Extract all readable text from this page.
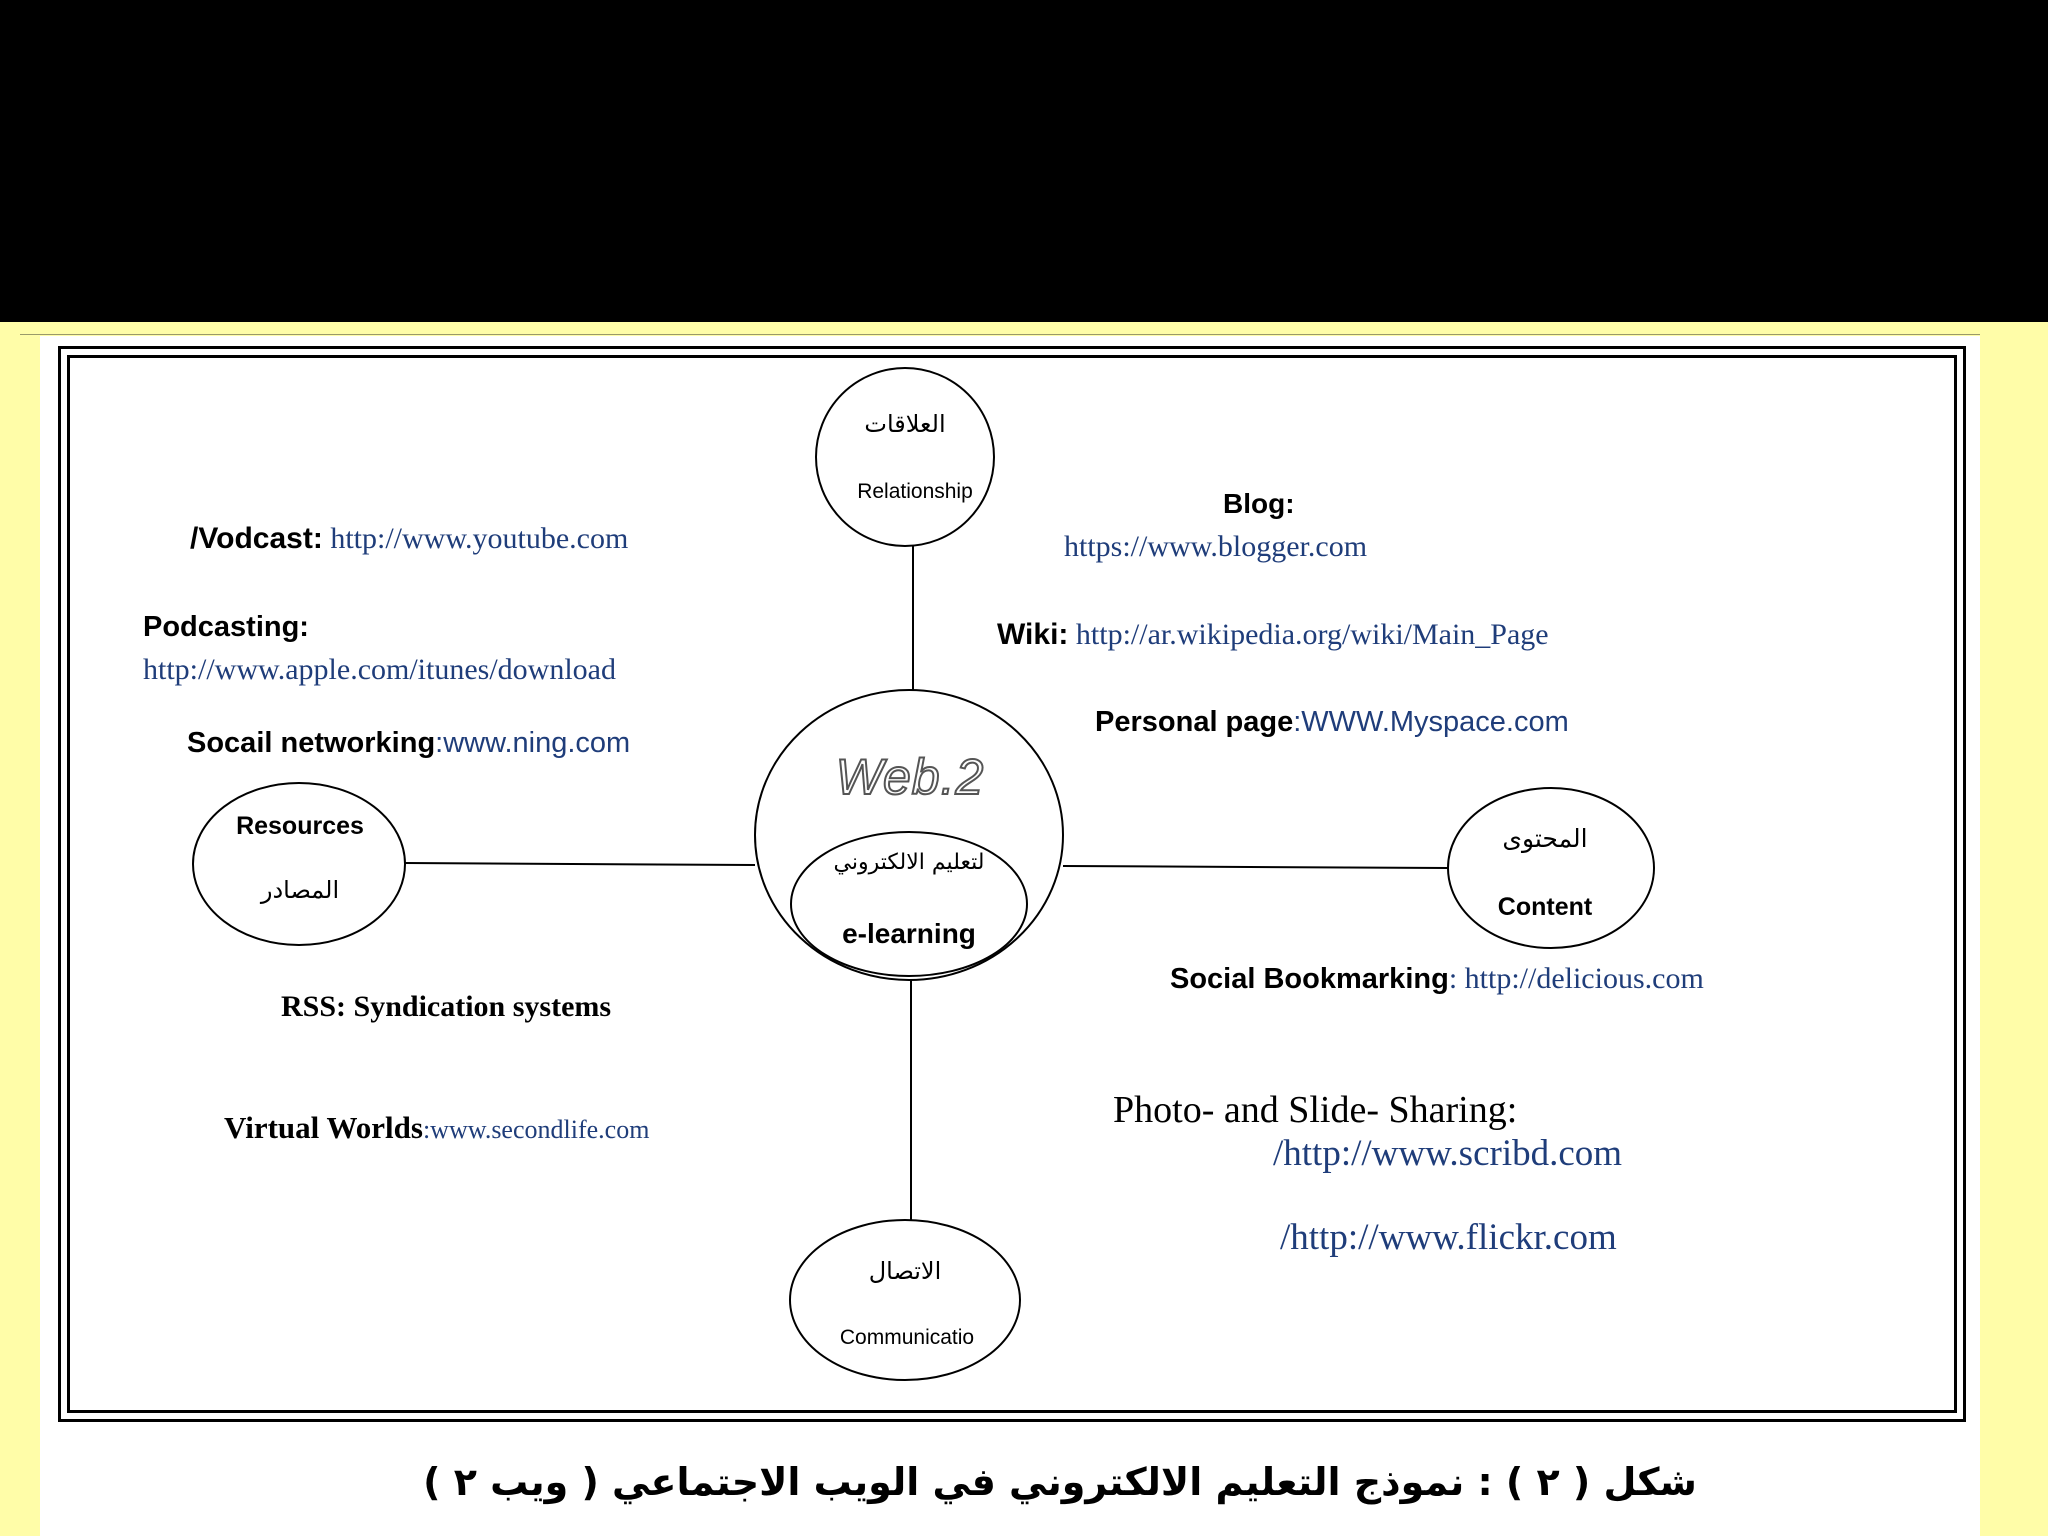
Web.2
لتعليم الالكتروني
e-learning
العلاقات
Relationship
Resources
المصادر
المحتوى
Content
الاتصال
Communicatio
/Vodcast: http://www.youtube.com
Podcasting:
http://www.apple.com/itunes/download
Socail networking:www.ning.com
RSS: Syndication systems
Virtual Worlds:www.secondlife.com
Blog:
https://www.blogger.com
Wiki: http://ar.wikipedia.org/wiki/Main_Page
Personal page:WWW.Myspace.com
Social Bookmarking: http://delicious.com
Photo- and Slide- Sharing:
/http://www.scribd.com
/http://www.flickr.com
شكل ( ٢ ) : نموذج التعليم الالكتروني في الويب الاجتماعي ( ويب ٢ )
